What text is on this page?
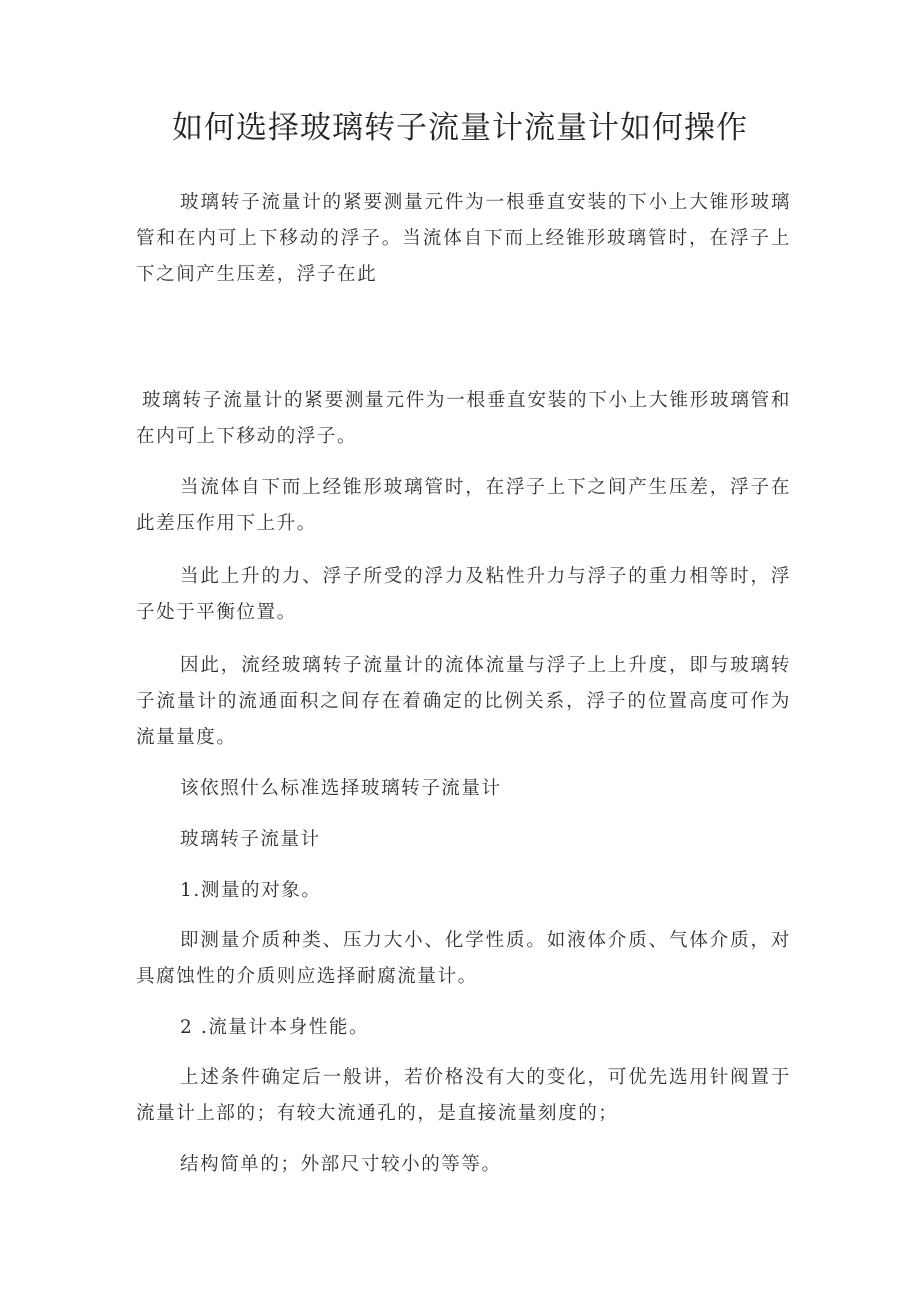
如何选择玻璃转子流量计流量计如何操作

玻璃转子流量计的紧要测量元件为一根垂直安装的下小上大锥形玻璃管和在内可上下移动的浮子。当流体自下而上经锥形玻璃管时，在浮子上下之间产生压差，浮子在此

玻璃转子流量计的紧要测量元件为一根垂直安装的下小上大锥形玻璃管和在内可上下移动的浮子。

当流体自下而上经锥形玻璃管时，在浮子上下之间产生压差，浮子在此差压作用下上升。

当此上升的力、浮子所受的浮力及粘性升力与浮子的重力相等时，浮子处于平衡位置。

因此，流经玻璃转子流量计的流体流量与浮子上上升度，即与玻璃转子流量计的流通面积之间存在着确定的比例关系，浮子的位置高度可作为流量量度。

该依照什么标准选择玻璃转子流量计

玻璃转子流量计

1.测量的对象。

即测量介质种类、压力大小、化学性质。如液体介质、气体介质，对具腐蚀性的介质则应选择耐腐流量计。

2 .流量计本身性能。

上述条件确定后一般讲，若价格没有大的变化，可优先选用针阀置于流量计上部的；有较大流通孔的，是直接流量刻度的；

结构简单的；外部尺寸较小的等等。
